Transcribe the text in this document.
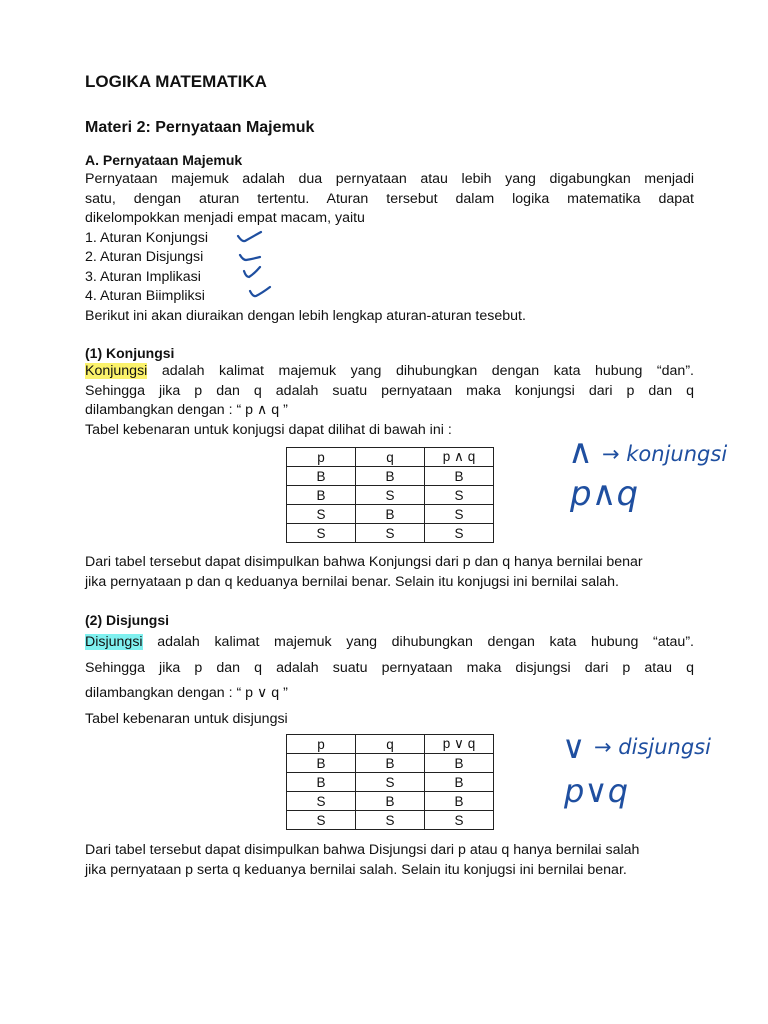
LOGIKA MATEMATIKA
Materi 2: Pernyataan Majemuk
A. Pernyataan Majemuk
Pernyataan majemuk adalah dua pernyataan atau lebih yang digabungkan menjadi
satu, dengan aturan tertentu. Aturan tersebut dalam logika matematika dapat
dikelompokkan menjadi empat macam, yaitu
1. Aturan Konjungsi
2. Aturan Disjungsi
3. Aturan Implikasi
4. Aturan Biimpliksi
Berikut ini akan diuraikan dengan lebih lengkap aturan-aturan tesebut.
(1) Konjungsi
Konjungsi adalah kalimat majemuk yang dihubungkan dengan kata hubung “dan”.
Sehingga jika p dan q adalah suatu pernyataan maka konjungsi dari p dan q
dilambangkan dengan : “ p ∧ q ”
Tabel kebenaran untuk konjugsi dapat dilihat di bawah ini :
p	q	p ∧ q
B	B	B
B	S	S
S	B	S
S	S	S
∧ → konjungsi
p∧q
Dari tabel tersebut dapat disimpulkan bahwa Konjungsi dari p dan q hanya bernilai benar
jika pernyataan p dan q keduanya bernilai benar. Selain itu konjugsi ini bernilai salah.
(2) Disjungsi
Disjungsi adalah kalimat majemuk yang dihubungkan dengan kata hubung “atau”.
Sehingga jika p dan q adalah suatu pernyataan maka disjungsi dari p atau q
dilambangkan dengan : “ p ∨ q ”
Tabel kebenaran untuk disjungsi
p	q	p ∨ q
B	B	B
B	S	B
S	B	B
S	S	S
∨ → disjungsi
p∨q
Dari tabel tersebut dapat disimpulkan bahwa Disjungsi dari p atau q hanya bernilai salah
jika pernyataan p serta q keduanya bernilai salah. Selain itu konjugsi ini bernilai benar.
